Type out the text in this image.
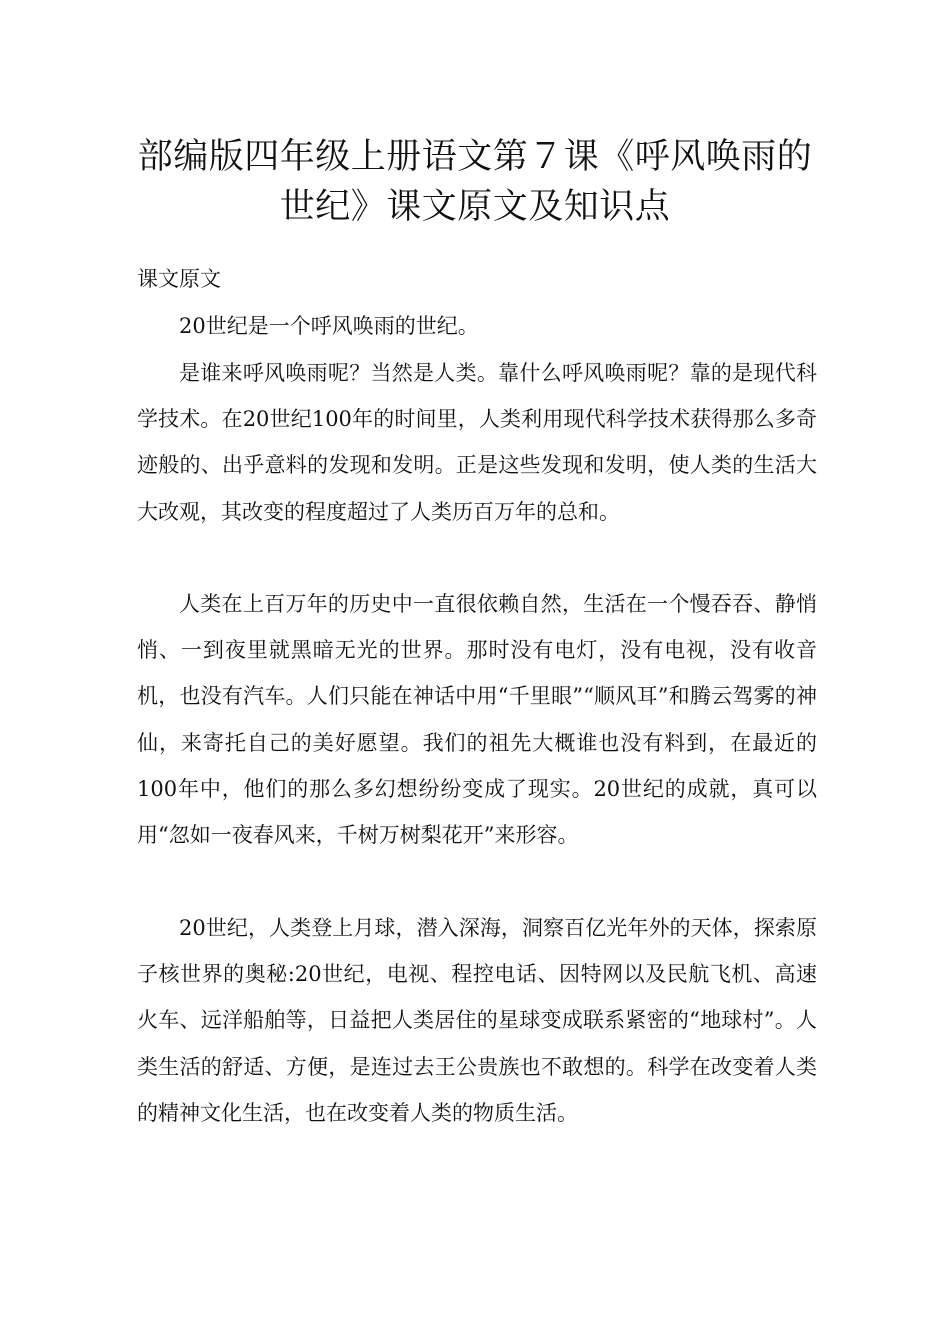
部编版四年级上册语文第７课《呼风唤雨的世纪》课文原文及知识点
课文原文

20世纪是一个呼风唤雨的世纪。

是谁来呼风唤雨呢？当然是人类。靠什么呼风唤雨呢？靠的是现代科学技术。在20世纪100年的时间里，人类利用现代科学技术获得那么多奇迹般的、出乎意料的发现和发明。正是这些发现和发明，使人类的生活大大改观，其改变的程度超过了人类历百万年的总和。

人类在上百万年的历史中一直很依赖自然，生活在一个慢吞吞、静悄悄、一到夜里就黑暗无光的世界。那时没有电灯，没有电视，没有收音机，也没有汽车。人们只能在神话中用“千里眼”“顺风耳”和腾云驾雾的神仙，来寄托自己的美好愿望。我们的祖先大概谁也没有料到，在最近的100年中，他们的那么多幻想纷纷变成了现实。20世纪的成就，真可以用“忽如一夜春风来，千树万树梨花开”来形容。

20世纪，人类登上月球，潜入深海，洞察百亿光年外的天体，探索原子核世界的奥秘:20世纪，电视、程控电话、因特网以及民航飞机、高速火车、远洋船舶等，日益把人类居住的星球变成联系紧密的“地球村”。人类生活的舒适、方便，是连过去王公贵族也不敢想的。科学在改变着人类的精神文化生活，也在改变着人类的物质生活。
